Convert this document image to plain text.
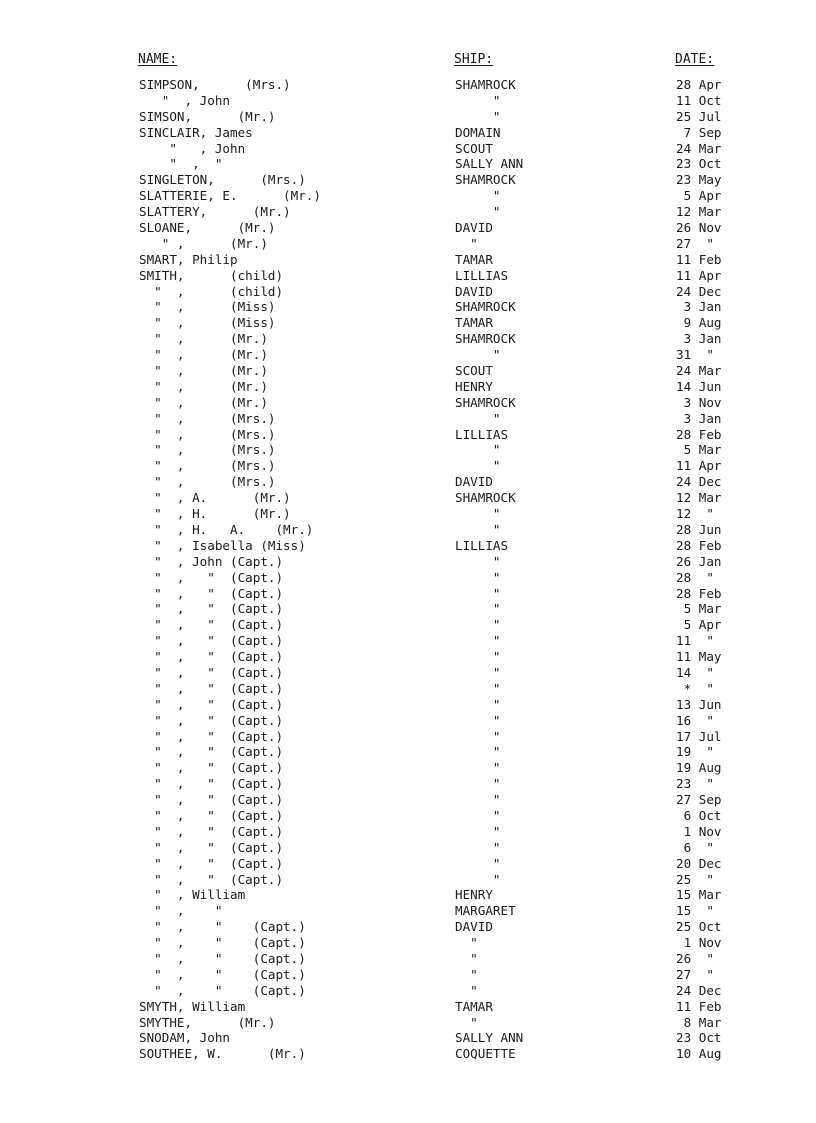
NAME:	SHIP:	DATE:
SIMPSON,      (Mrs.)	SHAMROCK	28 Apr
"  , John	"	11 Oct
SIMSON,      (Mr.)	"	25 Jul
SINCLAIR, James	DOMAIN	7 Sep
"   , John	SCOUT	24 Mar
"  ,  "	SALLY ANN	23 Oct
SINGLETON,      (Mrs.)	SHAMROCK	23 May
SLATTERIE, E.      (Mr.)	"	5 Apr
SLATTERY,      (Mr.)	"	12 Mar
SLOANE,      (Mr.)	DAVID	26 Nov
" ,      (Mr.)	"	27  "
SMART, Philip	TAMAR	11 Feb
SMITH,      (child)	LILLIAS	11 Apr
"  ,      (child)	DAVID	24 Dec
"  ,      (Miss)	SHAMROCK	3 Jan
"  ,      (Miss)	TAMAR	9 Aug
"  ,      (Mr.)	SHAMROCK	3 Jan
"  ,      (Mr.)	"	31  "
"  ,      (Mr.)	SCOUT	24 Mar
"  ,      (Mr.)	HENRY	14 Jun
"  ,      (Mr.)	SHAMROCK	3 Nov
"  ,      (Mrs.)	"	3 Jan
"  ,      (Mrs.)	LILLIAS	28 Feb
"  ,      (Mrs.)	"	5 Mar
"  ,      (Mrs.)	"	11 Apr
"  ,      (Mrs.)	DAVID	24 Dec
"  , A.      (Mr.)	SHAMROCK	12 Mar
"  , H.      (Mr.)	"	12  "
"  , H.   A.    (Mr.)	"	28 Jun
"  , Isabella (Miss)	LILLIAS	28 Feb
"  , John (Capt.)	"	26 Jan
"  ,   "  (Capt.)	"	28  "
"  ,   "  (Capt.)	"	28 Feb
"  ,   "  (Capt.)	"	5 Mar
"  ,   "  (Capt.)	"	5 Apr
"  ,   "  (Capt.)	"	11  "
"  ,   "  (Capt.)	"	11 May
"  ,   "  (Capt.)	"	14  "
"  ,   "  (Capt.)	"	*  "
"  ,   "  (Capt.)	"	13 Jun
"  ,   "  (Capt.)	"	16  "
"  ,   "  (Capt.)	"	17 Jul
"  ,   "  (Capt.)	"	19  "
"  ,   "  (Capt.)	"	19 Aug
"  ,   "  (Capt.)	"	23  "
"  ,   "  (Capt.)	"	27 Sep
"  ,   "  (Capt.)	"	6 Oct
"  ,   "  (Capt.)	"	1 Nov
"  ,   "  (Capt.)	"	6  "
"  ,   "  (Capt.)	"	20 Dec
"  ,   "  (Capt.)	"	25  "
"  , William	HENRY	15 Mar
"  ,    "	MARGARET	15  "
"  ,    "    (Capt.)	DAVID	25 Oct
"  ,    "    (Capt.)	"	1 Nov
"  ,    "    (Capt.)	"	26  "
"  ,    "    (Capt.)	"	27  "
"  ,    "    (Capt.)	"	24 Dec
SMYTH, William	TAMAR	11 Feb
SMYTHE,      (Mr.)	"	8 Mar
SNODAM, John	SALLY ANN	23 Oct
SOUTHEE, W.      (Mr.)	COQUETTE	10 Aug
